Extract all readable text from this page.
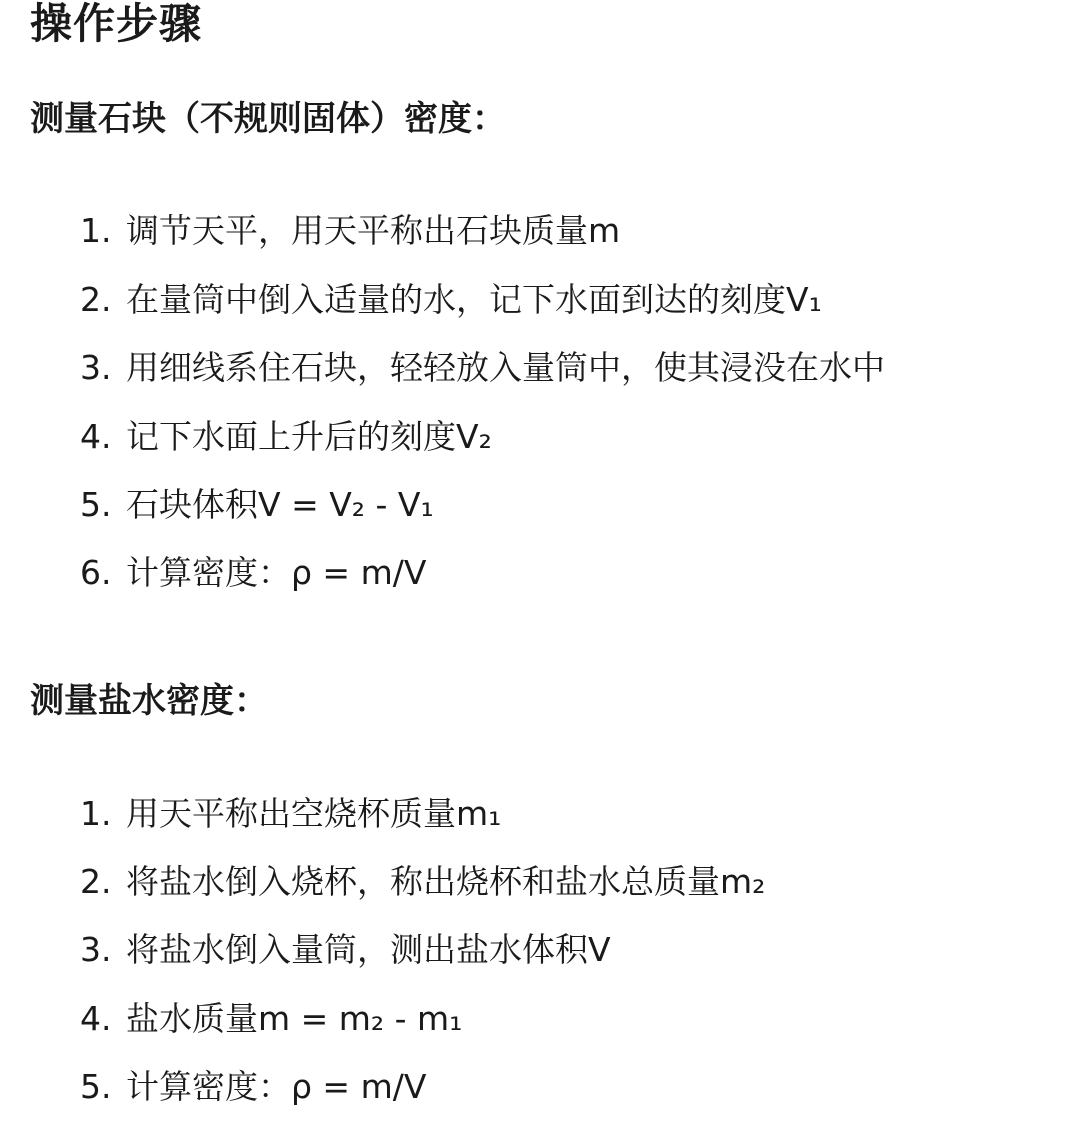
操作步骤
测量石块（不规则固体）密度：
1. 调节天平，用天平称出石块质量m
2. 在量筒中倒入适量的水，记下水面到达的刻度V₁
3. 用细线系住石块，轻轻放入量筒中，使其浸没在水中
4. 记下水面上升后的刻度V₂
5. 石块体积V = V₂ - V₁
6. 计算密度：ρ = m/V
测量盐水密度：
1. 用天平称出空烧杯质量m₁
2. 将盐水倒入烧杯，称出烧杯和盐水总质量m₂
3. 将盐水倒入量筒，测出盐水体积V
4. 盐水质量m = m₂ - m₁
5. 计算密度：ρ = m/V
